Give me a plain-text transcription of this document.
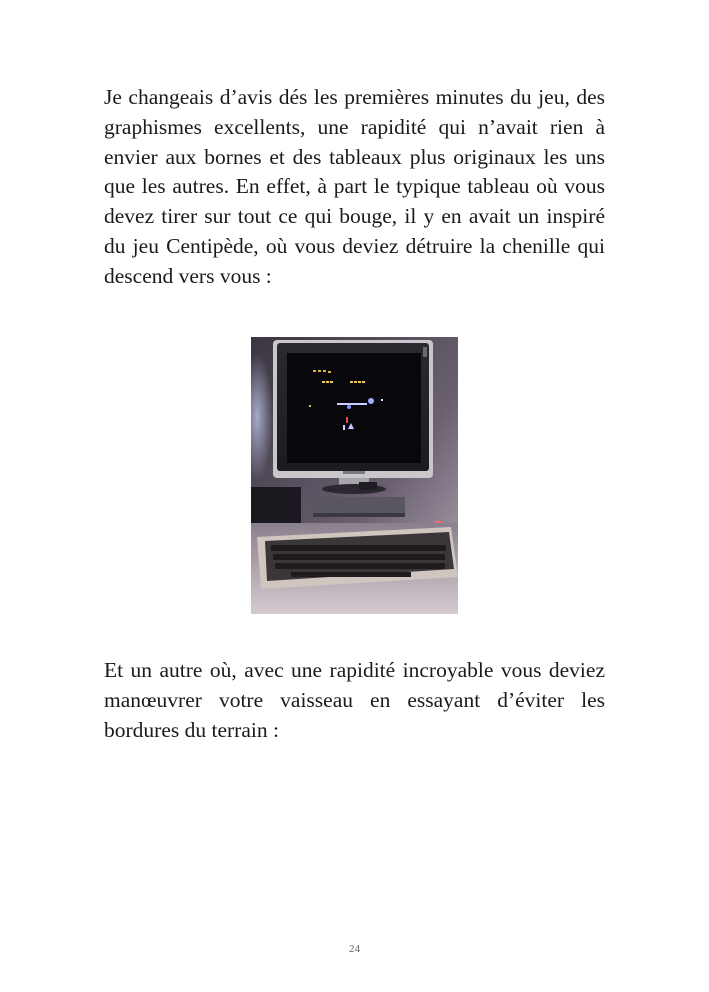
Je changeais d’avis dés les premières minutes du jeu, des graphismes excellents, une rapidité qui n’avait rien à envier aux bornes et des tableaux plus originaux les uns que les autres. En effet, à part le typique tableau où vous devez tirer sur tout ce qui bouge, il y en avait un inspiré du jeu Centipède, où vous deviez détruire la chenille qui descend vers vous :

Et un autre où, avec une rapidité incroyable vous deviez manœuvrer votre vaisseau en essayant d’éviter les bordures du terrain :

24
